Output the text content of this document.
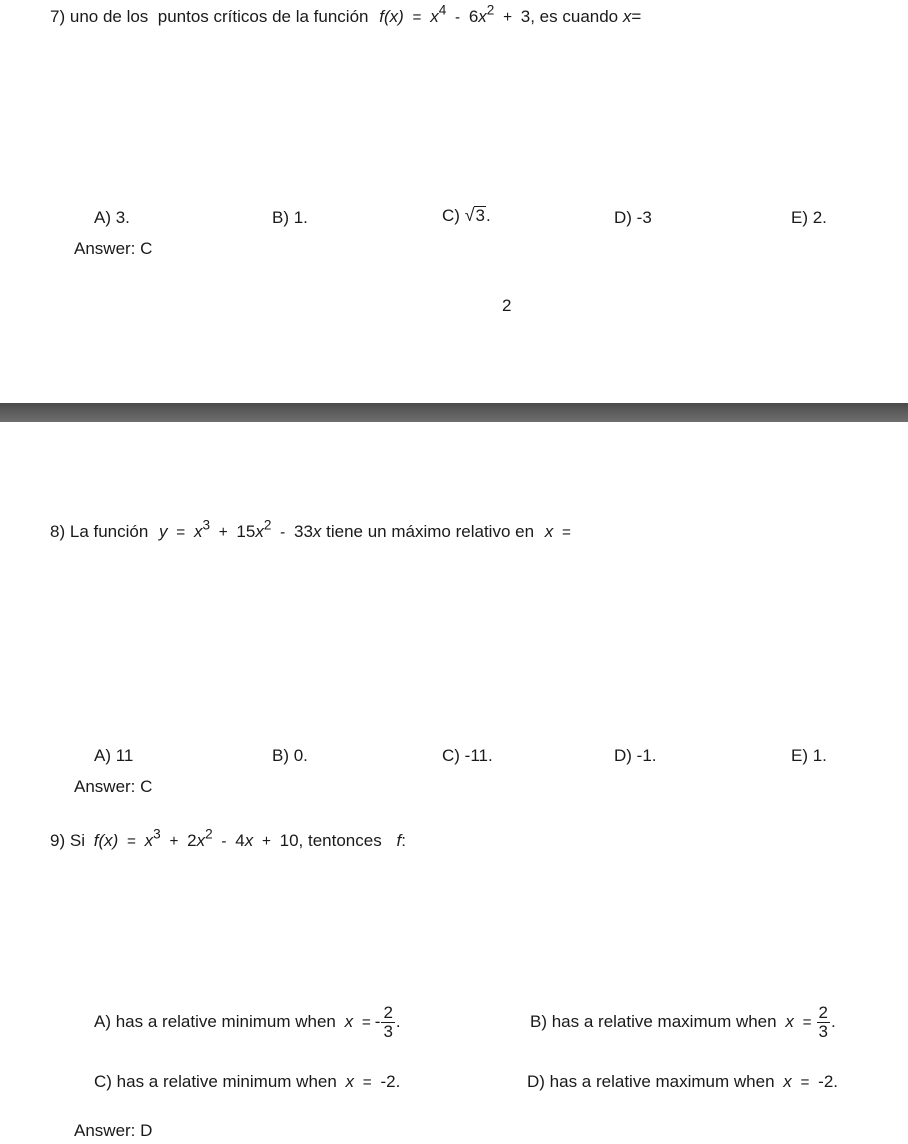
7) uno de los  puntos críticos de la función $f(x) = x^4 - 6x^2 + 3$, es cuando x=
A) 3.	B) 1.	C) √ 3 .	D) -3	E) 2.
Answer: C
2
8) La función $y = x^3 + 15x^2 - 33x$ tiene un máximo relativo en x =
A) 11	B) 0.	C) -11.	D) -1.	E) 1.
Answer: C
9) Si $f(x) = x^3 + 2x^2 - 4x + 10$, tentonces f:
A) has a relative minimum when x = - $\frac{2}{3}$ .	B) has a relative maximum when $x = \frac{2}{3}$ .
C) has a relative minimum when x = -2.	D) has a relative maximum when x = -2.
Answer: D
